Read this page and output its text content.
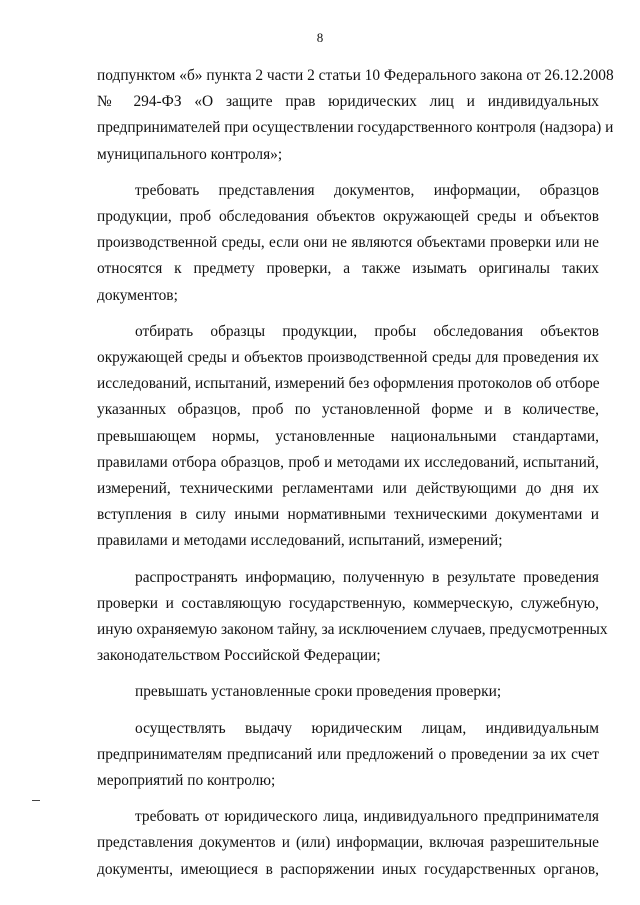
8

подпунктом «б» пункта 2 части 2 статьи 10 Федерального закона от 26.12.2008
№ 294-ФЗ «О защите прав юридических лиц и индивидуальных
предпринимателей при осуществлении государственного контроля (надзора) и
муниципального контроля»;

требовать представления документов, информации, образцов
продукции, проб обследования объектов окружающей среды и объектов
производственной среды, если они не являются объектами проверки или не
относятся к предмету проверки, а также изымать оригиналы таких
документов;

отбирать образцы продукции, пробы обследования объектов
окружающей среды и объектов производственной среды для проведения их
исследований, испытаний, измерений без оформления протоколов об отборе
указанных образцов, проб по установленной форме и в количестве,
превышающем нормы, установленные национальными стандартами,
правилами отбора образцов, проб и методами их исследований, испытаний,
измерений, техническими регламентами или действующими до дня их
вступления в силу иными нормативными техническими документами и
правилами и методами исследований, испытаний, измерений;

распространять информацию, полученную в результате проведения
проверки и составляющую государственную, коммерческую, служебную,
иную охраняемую законом тайну, за исключением случаев, предусмотренных
законодательством Российской Федерации;

превышать установленные сроки проведения проверки;

осуществлять выдачу юридическим лицам, индивидуальным
предпринимателям предписаний или предложений о проведении за их счет
мероприятий по контролю;

требовать от юридического лица, индивидуального предпринимателя
представления документов и (или) информации, включая разрешительные
документы, имеющиеся в распоряжении иных государственных органов,
